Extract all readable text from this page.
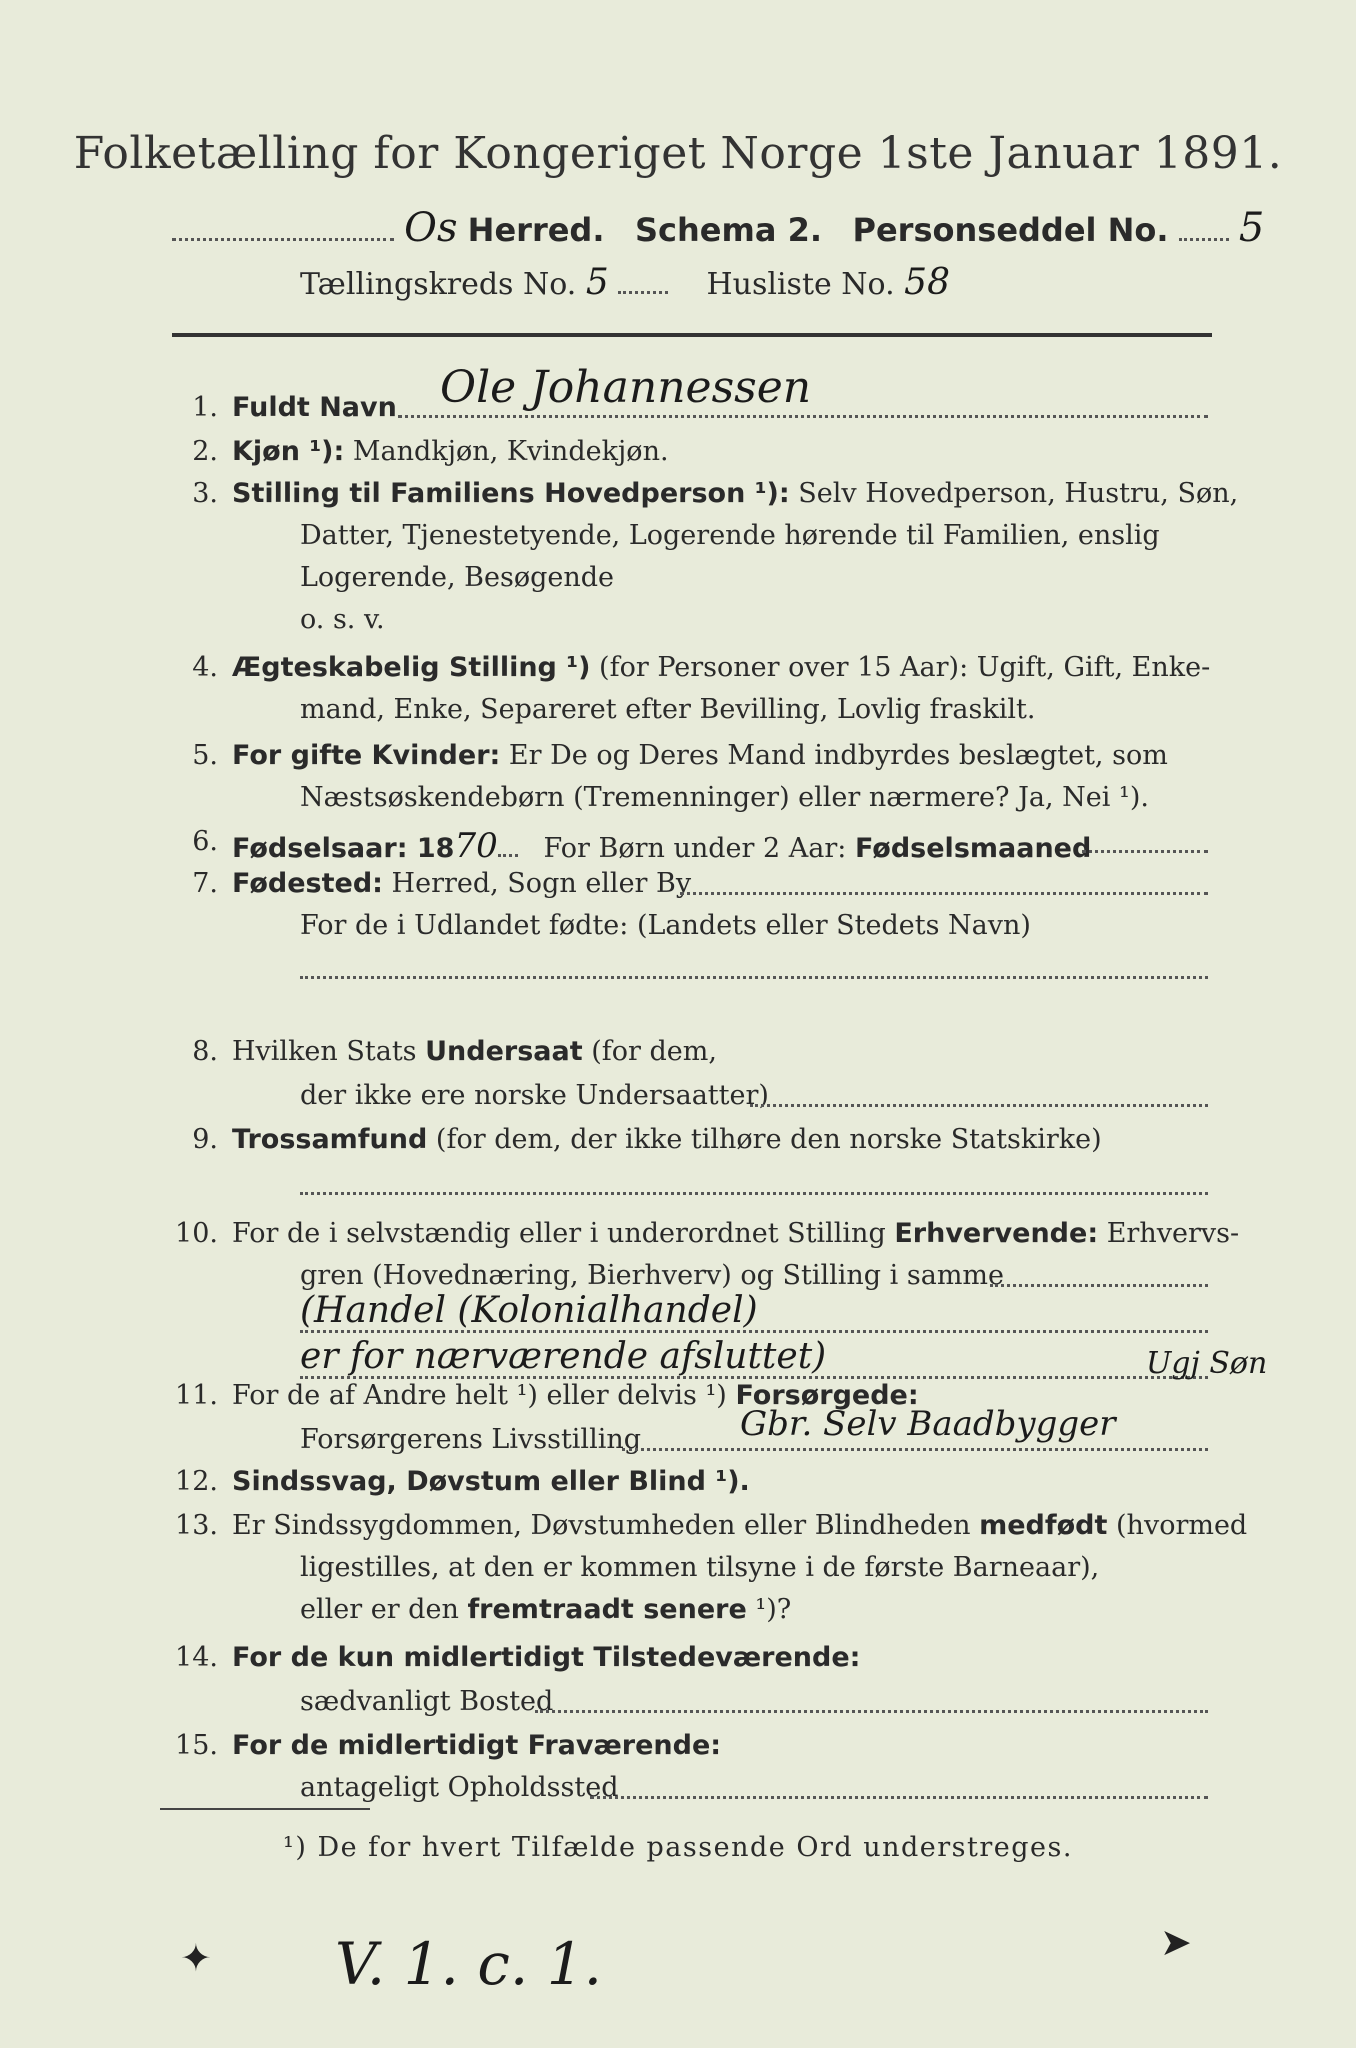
Folketælling for Kongeriget Norge 1ste Januar 1891.
Os Herred. Schema 2. Personseddel No. 5
Tællingskreds No. 5	Husliste No. 58
1. Fuldt Navn Ole Johannessen
2. Kjøn ¹): Mandkjøn, Kvindekjøn.
3. Stilling til Familiens Hovedperson ¹): Selv Hovedperson, Hustru, Søn,
Datter, Tjenestetyende, Logerende hørende til Familien, enslig
Logerende, Besøgende
o. s. v.
4. Ægteskabelig Stilling ¹) (for Personer over 15 Aar): Ugift, Gift, Enke-
mand, Enke, Separeret efter Bevilling, Lovlig fraskilt.
5. For gifte Kvinder: Er De og Deres Mand indbyrdes beslægtet, som
Næstsøskendebørn (Tremenninger) eller nærmere? Ja, Nei ¹).
6. Fødselsaar: 1870 For Børn under 2 Aar: Fødselsmaaned
7. Fødested: Herred, Sogn eller By
For de i Udlandet fødte: (Landets eller Stedets Navn)
8. Hvilken Stats Undersaat (for dem,
der ikke ere norske Undersaatter)
9. Trossamfund (for dem, der ikke tilhøre den norske Statskirke)
10. For de i selvstændig eller i underordnet Stilling Erhvervende: Erhvervs-
gren (Hovednæring, Bierhverv) og Stilling i samme
(Handel (Kolonialhandel)
er for nærværende afsluttet)	Ugj Søn
11. For de af Andre helt ¹) eller delvis ¹) Forsørgede:
Forsørgerens Livsstilling	Gbr. Selv Baadbygger
12. Sindssvag, Døvstum eller Blind ¹).
13. Er Sindssygdommen, Døvstumheden eller Blindheden medfødt (hvormed
ligestilles, at den er kommen tilsyne i de første Barneaar),
eller er den fremtraadt senere ¹)?
14. For de kun midlertidigt Tilstedeværende:
sædvanligt Bosted
15. For de midlertidigt Fraværende:
antageligt Opholdssted
¹) De for hvert Tilfælde passende Ord understreges.
V. 1. c. 1.
✦	➤
